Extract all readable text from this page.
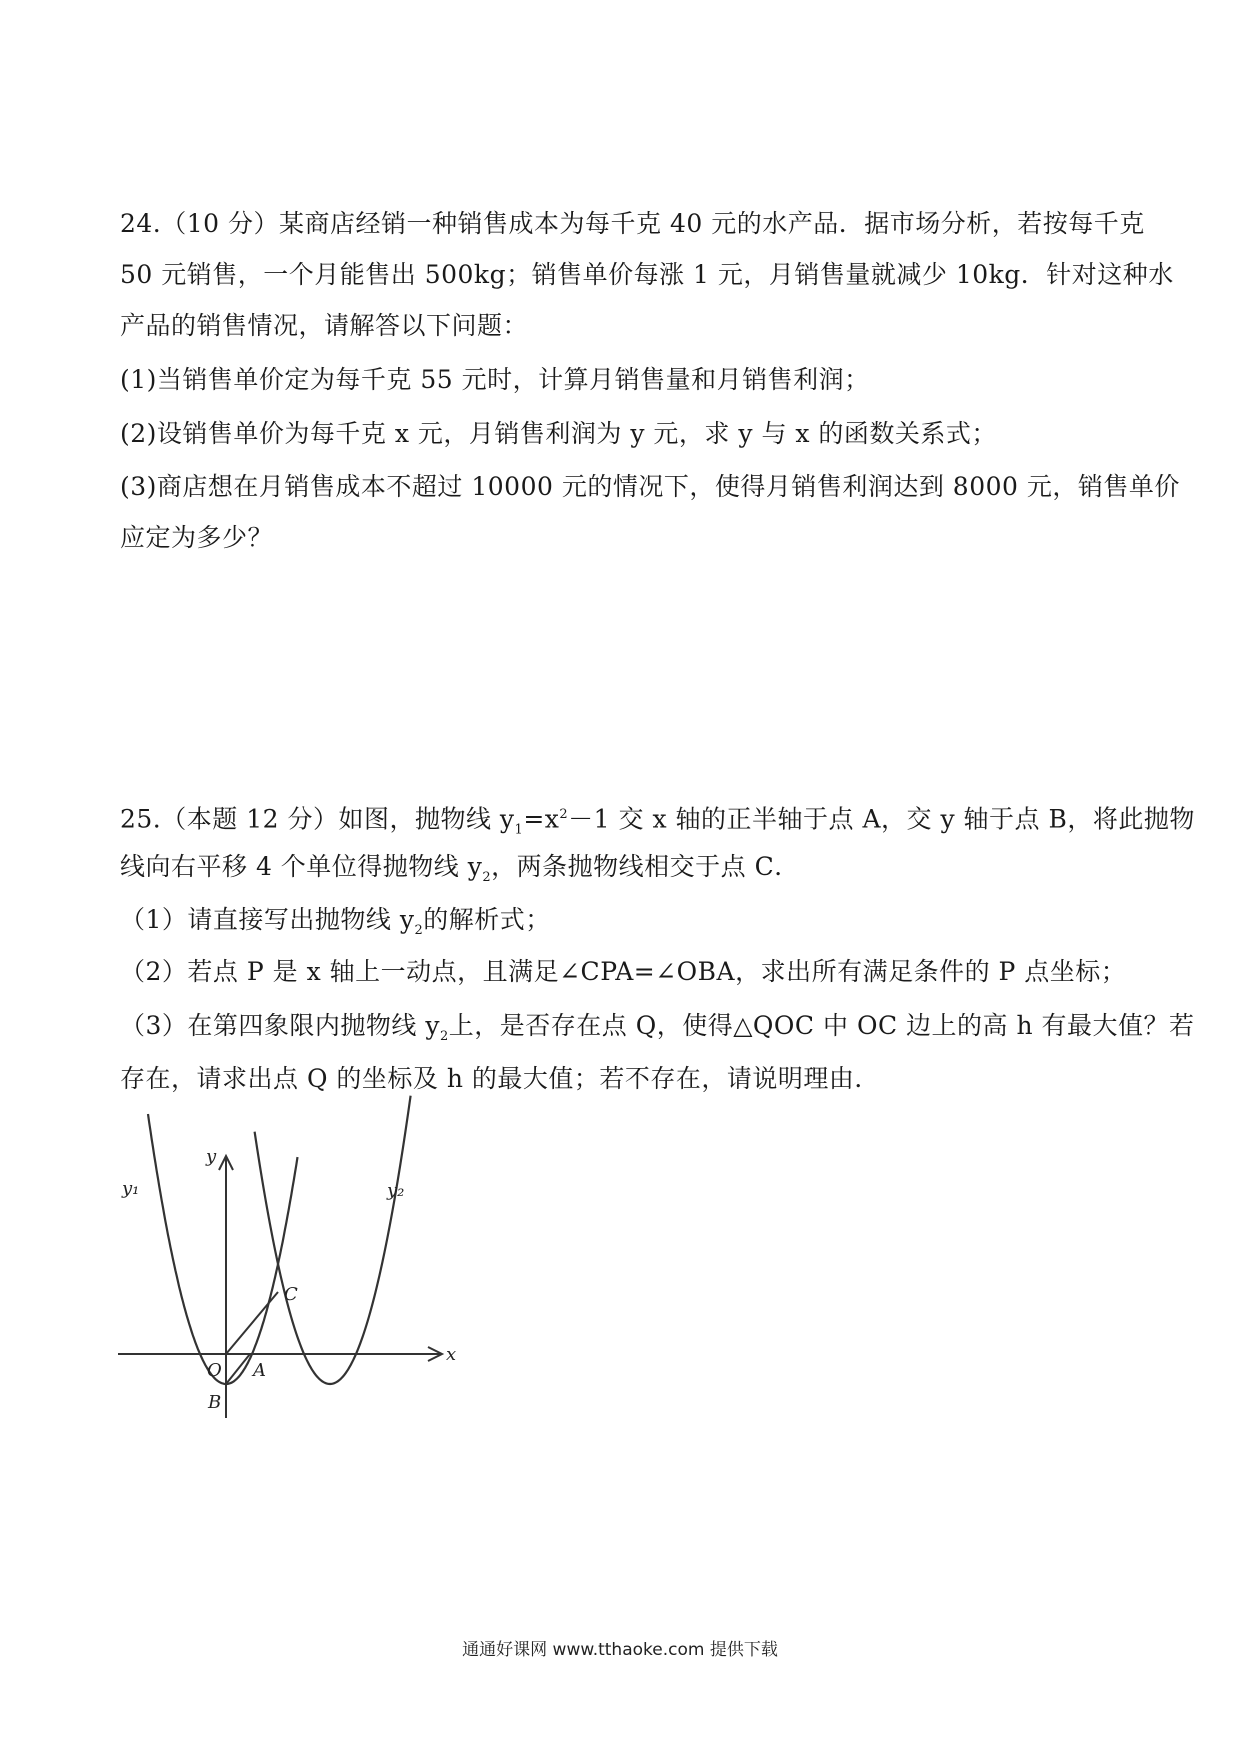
24.（10 分）某商店经销一种销售成本为每千克 40 元的水产品．据市场分析，若按每千克
50 元销售，一个月能售出 500kg；销售单价每涨 1 元，月销售量就减少 10kg．针对这种水
产品的销售情况，请解答以下问题：
(1)当销售单价定为每千克 55 元时，计算月销售量和月销售利润；
(2)设销售单价为每千克 x 元，月销售利润为 y 元，求 y 与 x 的函数关系式；
(3)商店想在月销售成本不超过 10000 元的情况下，使得月销售利润达到 8000 元，销售单价
应定为多少？
25.（本题 12 分）如图，抛物线 $y_1=x^2-1$ 交 x 轴的正半轴于点 A，交 y 轴于点 B，将此抛物
线向右平移 4 个单位得抛物线 $y_2$，两条抛物线相交于点 C．
（1）请直接写出抛物线 $y_2$的解析式；
（2）若点 P 是 x 轴上一动点，且满足∠CPA=∠OBA，求出所有满足条件的 P 点坐标；
（3）在第四象限内抛物线 $y_2$上，是否存在点 Q，使得△QOC 中 OC 边上的高 h 有最大值？若
存在，请求出点 Q 的坐标及 h 的最大值；若不存在，请说明理由．
y₁	y₂
y
x
C
O A
B
通通好课网 www.tthaoke.com 提供下载
